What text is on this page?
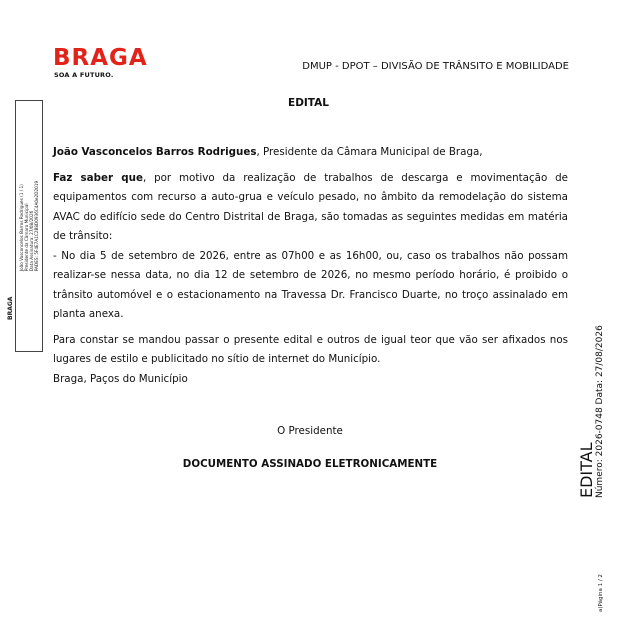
BRAGA
SOA A FUTURO.
DMUP - DPOT – DIVISÃO DE TRÂNSITO E MOBILIDADE
EDITAL
João Vasconcelos Barros Rodrigues (1 / 1) Presidente da Câmara Municipal Data Assinatura: 27/08/2026 PADES: 5F4E7A1C2B8D0936C4A0e2D2019
BRAGA

João Vasconcelos Barros Rodrigues, Presidente da Câmara Municipal de Braga,

Faz saber que, por motivo da realização de trabalhos de descarga e movimentação de equipamentos com recurso a auto-grua e veículo pesado, no âmbito da remodelação do sistema AVAC do edifício sede do Centro Distrital de Braga, são tomadas as seguintes medidas em matéria de trânsito:

- No dia 5 de setembro de 2026, entre as 07h00 e as 16h00, ou, caso os trabalhos não possam realizar-se nessa data, no dia 12 de setembro de 2026, no mesmo período horário, é proibido o trânsito automóvel e o estacionamento na Travessa Dr. Francisco Duarte, no troço assinalado em planta anexa.

Para constar se mandou passar o presente edital e outros de igual teor que vão ser afixados nos lugares de estilo e publicitado no sítio de internet do Município.

Braga, Paços do Município

O Presidente
DOCUMENTO ASSINADO ELETRONICAMENTE	EDITAL Número: 2026-0748 Data: 27/08/2026
a)Página 1 / 2
